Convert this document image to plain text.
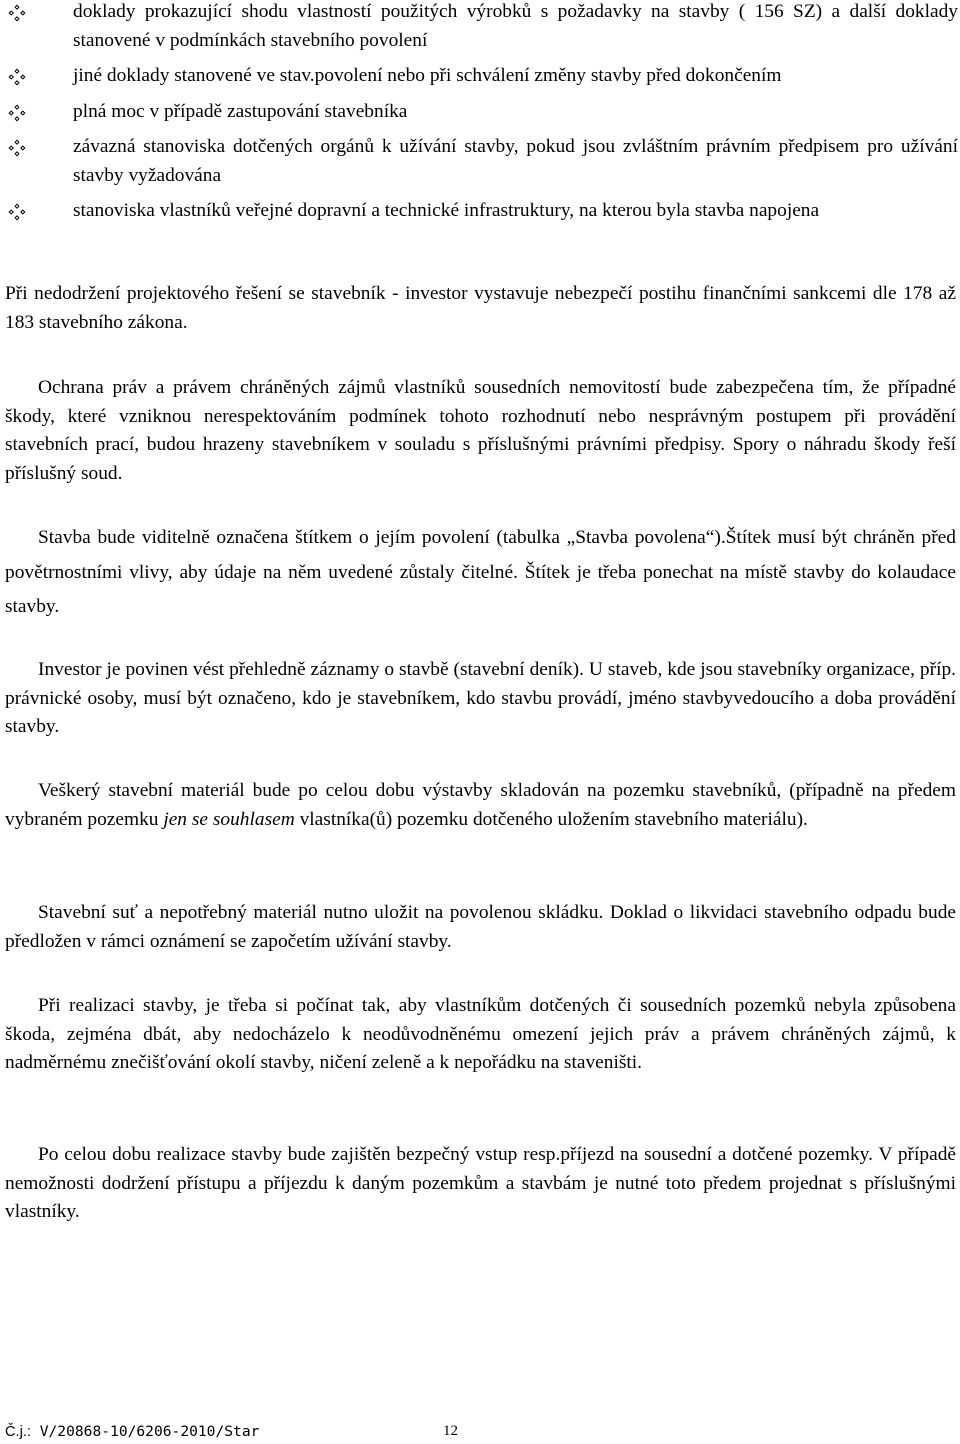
doklady prokazující shodu vlastností použitých výrobků s požadavky na stavby ( 156 SZ) a další doklady stanovené v podmínkách stavebního povolení
jiné doklady stanovené ve stav.povolení nebo při schválení změny stavby před dokončením
plná moc v případě zastupování stavebníka
závazná stanoviska dotčených orgánů k užívání stavby, pokud jsou zvláštním právním předpisem pro užívání stavby vyžadována
stanoviska vlastníků veřejné dopravní a technické infrastruktury, na kterou byla stavba napojena

Při nedodržení projektového řešení se stavebník - investor vystavuje nebezpečí postihu finančními sankcemi dle 178 až 183 stavebního zákona.

Ochrana práv a právem chráněných zájmů vlastníků sousedních nemovitostí bude zabezpečena tím, že případné škody, které vzniknou nerespektováním podmínek tohoto rozhodnutí nebo nesprávným postupem při provádění stavebních prací, budou hrazeny stavebníkem v souladu s příslušnými právními předpisy. Spory o náhradu škody řeší příslušný soud.

Stavba bude viditelně označena štítkem o jejím povolení (tabulka „Stavba povolena“).Štítek musí být chráněn před povětrnostními vlivy, aby údaje na něm uvedené zůstaly čitelné. Štítek je třeba ponechat na místě stavby do kolaudace stavby.

Investor je povinen vést přehledně záznamy o stavbě (stavební deník). U staveb, kde jsou stavebníky organizace, příp. právnické osoby, musí být označeno, kdo je stavebníkem, kdo stavbu provádí, jméno stavbyvedoucího a doba provádění stavby.

Veškerý stavební materiál bude po celou dobu výstavby skladován na pozemku stavebníků, (případně na předem vybraném pozemku jen se souhlasem vlastníka(ů) pozemku dotčeného uložením stavebního materiálu).

Stavební suť a nepotřebný materiál nutno uložit na povolenou skládku. Doklad o likvidaci stavebního odpadu bude předložen v rámci oznámení se započetím užívání stavby.

Při realizaci stavby, je třeba si počínat tak, aby vlastníkům dotčených či sousedních pozemků nebyla způsobena škoda, zejména dbát, aby nedocházelo k neodůvodněnému omezení jejich práv a právem chráněných zájmů, k nadměrnému znečišťování okolí stavby, ničení zeleně a k nepořádku na staveništi.

Po celou dobu realizace stavby bude zajištěn bezpečný vstup resp.příjezd na sousední a dotčené pozemky. V případě nemožnosti dodržení přístupu a příjezdu k daným pozemkům a stavbám je nutné toto předem projednat s příslušnými vlastníky.

Č.j.: V/20868-10/6206-2010/Star	12
